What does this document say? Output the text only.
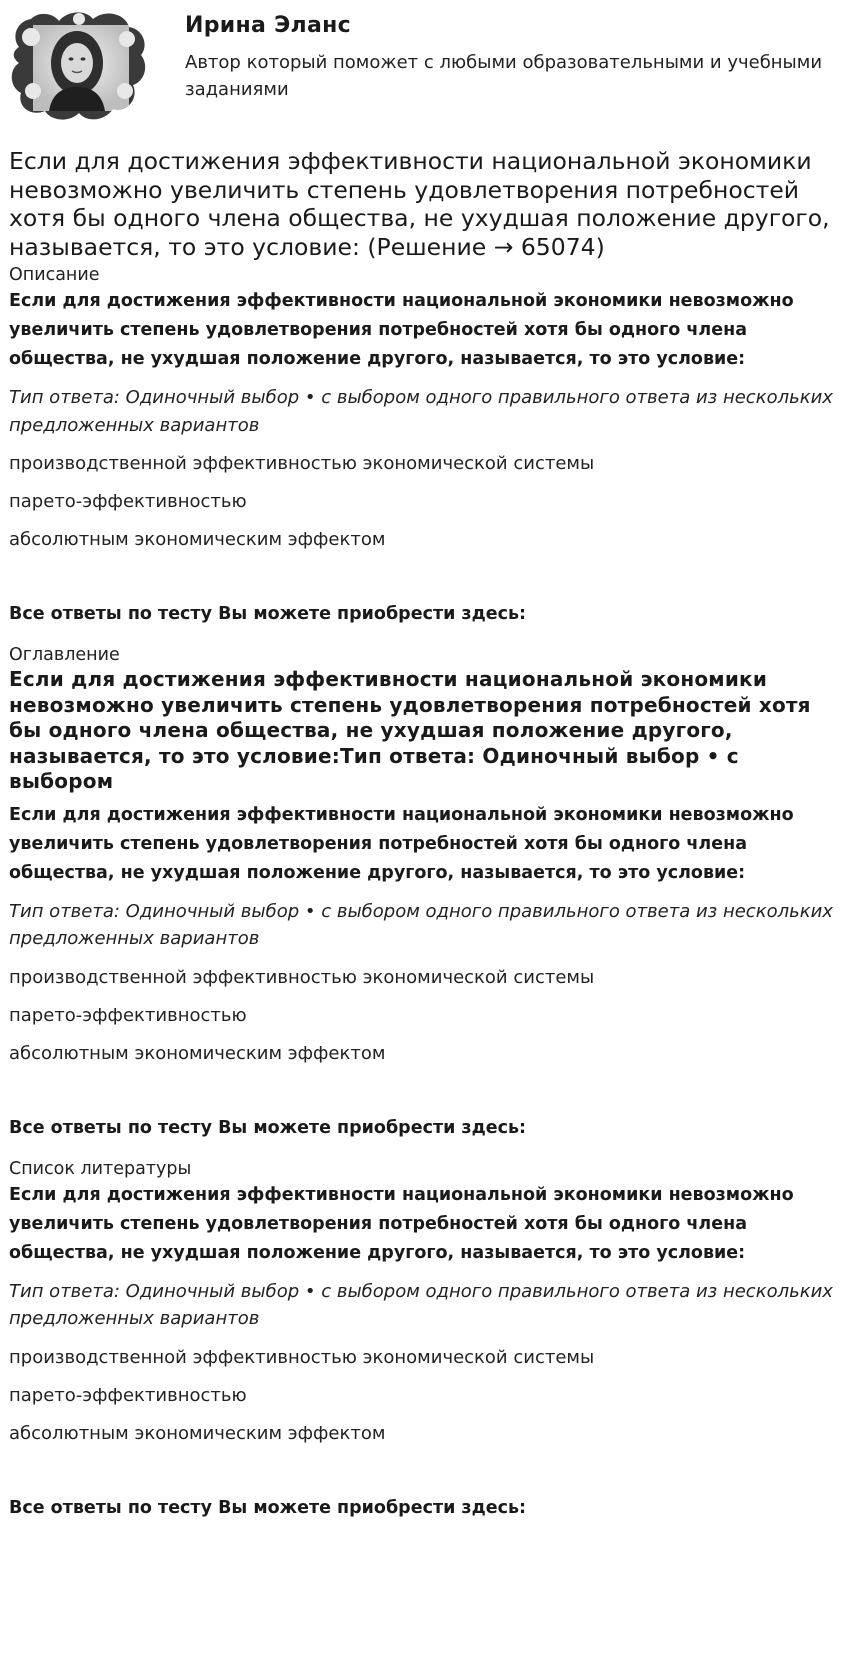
Ирина Эланс
Автор который поможет с любыми образовательными и учебными заданиями
Если для достижения эффективности национальной экономики невозможно увеличить степень удовлетворения потребностей хотя бы одного члена общества, не ухудшая положение другого, называется, то это условие: (Решение → 65074)
Описание

Если для достижения эффективности национальной экономики невозможно увеличить степень удовлетворения потребностей хотя бы одного члена общества, не ухудшая положение другого, называется, то это условие:

Тип ответа: Одиночный выбор • с выбором одного правильного ответа из нескольких предложенных вариантов
производственной эффективностью экономической системы
парето-эффективностью
абсолютным экономическим эффектом
Все ответы по тесту Вы можете приобрести здесь:
Оглавление
Если для достижения эффективности национальной экономики невозможно увеличить степень удовлетворения потребностей хотя бы одного члена общества, не ухудшая положение другого, называется, то это условие:Тип ответа: Одиночный выбор • с выбором

Если для достижения эффективности национальной экономики невозможно увеличить степень удовлетворения потребностей хотя бы одного члена общества, не ухудшая положение другого, называется, то это условие:

Тип ответа: Одиночный выбор • с выбором одного правильного ответа из нескольких предложенных вариантов
производственной эффективностью экономической системы
парето-эффективностью
абсолютным экономическим эффектом
Все ответы по тесту Вы можете приобрести здесь:
Список литературы

Если для достижения эффективности национальной экономики невозможно увеличить степень удовлетворения потребностей хотя бы одного члена общества, не ухудшая положение другого, называется, то это условие:

Тип ответа: Одиночный выбор • с выбором одного правильного ответа из нескольких предложенных вариантов
производственной эффективностью экономической системы
парето-эффективностью
абсолютным экономическим эффектом
Все ответы по тесту Вы можете приобрести здесь:
